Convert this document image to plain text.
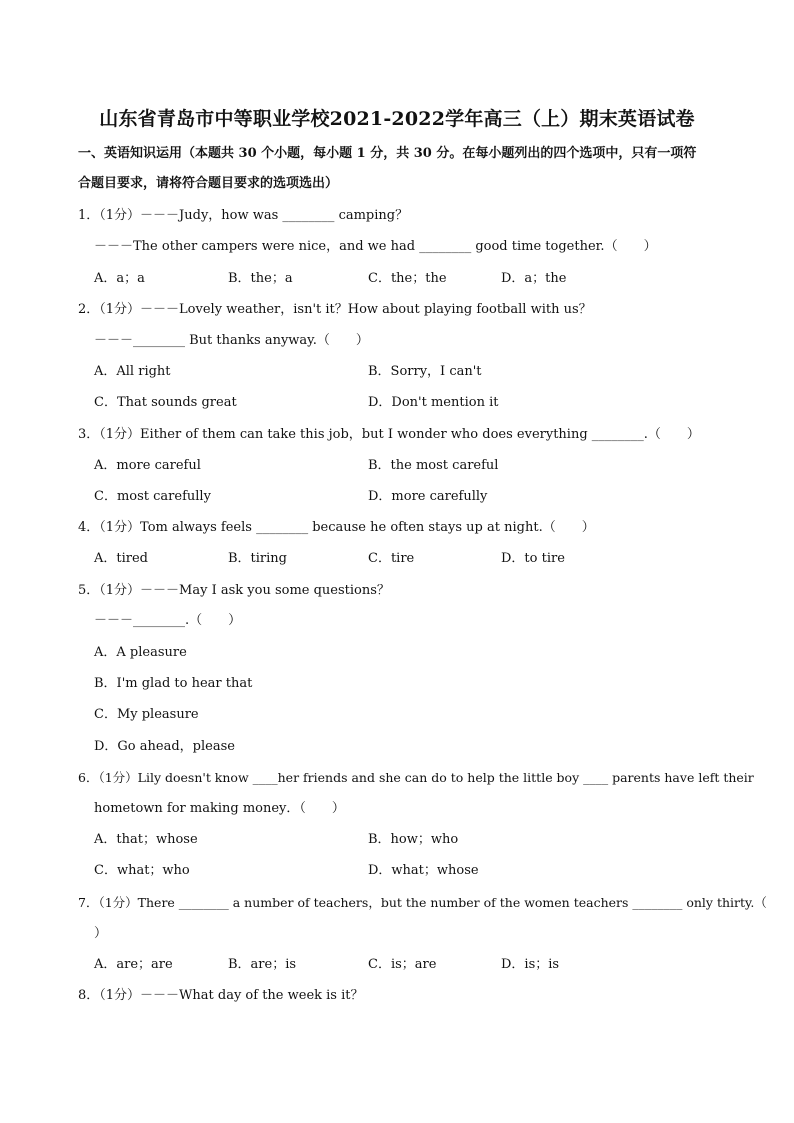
山东省青岛市中等职业学校2021-2022学年高三（上）期末英语试卷
一、英语知识运用（本题共 30 个小题，每小题 1 分，共 30 分。在每小题列出的四个选项中，只有一项符
合题目要求，请将符合题目要求的选项选出）
1．（1分）－－－Judy，how was ________ camping？
－－－The other campers were nice，and we had ________ good time together.（　　）
A．a；a	B．the；a	C．the；the	D．a；the
2．（1分）－－－Lovely weather，isn't it？How about playing football with us？
－－－________ But thanks anyway.（　　）
A．All right	B．Sorry，I can't
C．That sounds great	D．Don't mention it
3．（1分）Either of them can take this job，but I wonder who does everything ________.（　　）
A．more careful	B．the most careful
C．most carefully	D．more carefully
4．（1分）Tom always feels ________ because he often stays up at night.（　　）
A．tired	B．tiring	C．tire	D．to tire
5．（1分）－－－May I ask you some questions？
－－－________.（　　）
A．A pleasure
B．I'm glad to hear that
C．My pleasure
D．Go ahead，please
6．（1分）Lily doesn't know ____her friends and she can do to help the little boy ____ parents have left their
hometown for making money．（　　）
A．that；whose	B．how；who
C．what；who	D．what；whose
7．（1分）There ________ a number of teachers，but the number of the women teachers ________ only thirty.（
）
A．are；are	B．are；is	C．is；are	D．is；is
8．（1分）－－－What day of the week is it？
